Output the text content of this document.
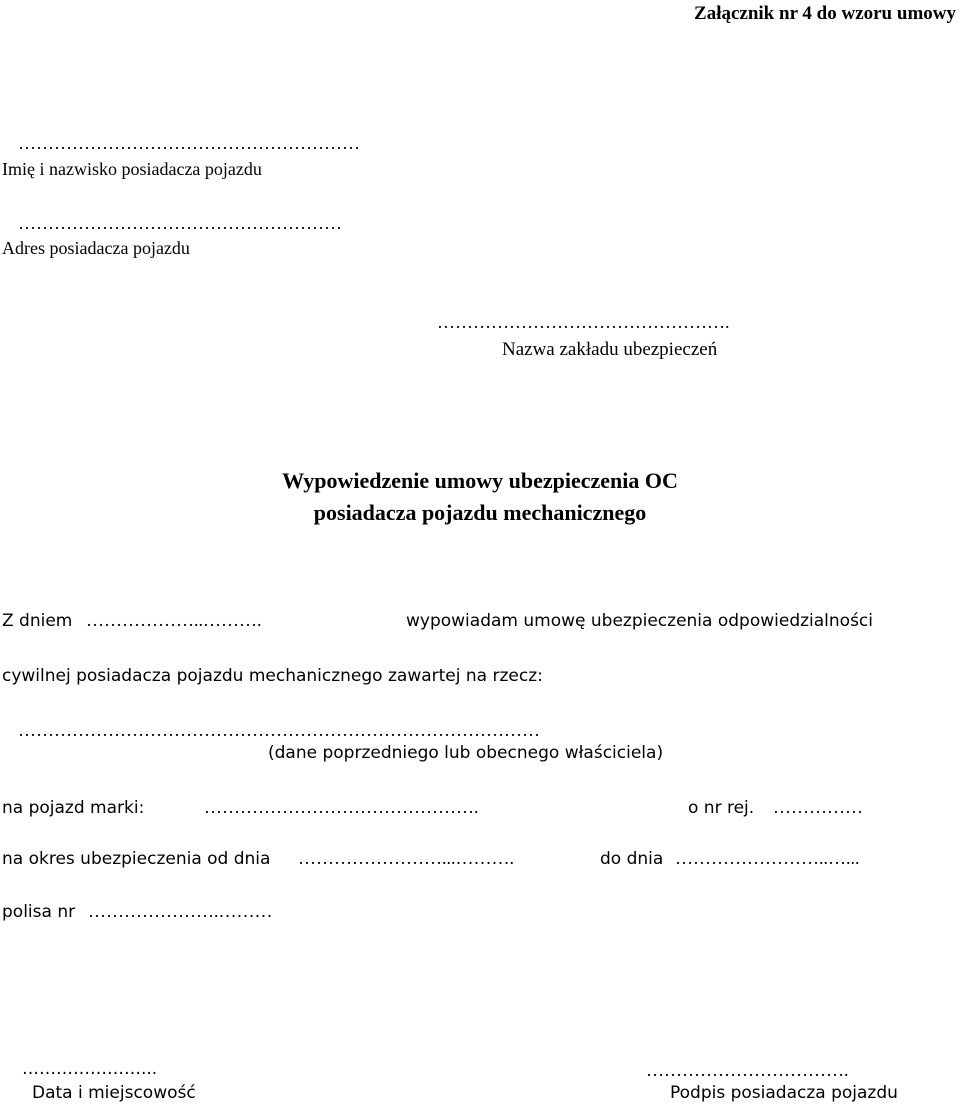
Załącznik nr 4 do wzoru umowy
…………………………………………………
Imię i nazwisko posiadacza pojazdu
………………………………………………
Adres posiadacza pojazdu
………………………………………….
Nazwa zakładu ubezpieczeń
Wypowiedzenie umowy ubezpieczenia OC
posiadacza pojazdu mechanicznego
Z dniem ………………..……….	wypowiadam umowę ubezpieczenia odpowiedzialności
cywilnej posiadacza pojazdu mechanicznego zawartej na rzecz:
……………………………………………………………………………
(dane poprzedniego lub obecnego właściciela)
na pojazd marki:	……………………………………….	o nr rej. ……………
na okres ubezpieczenia od dnia ……………………...……….	do dnia ……………………..…...
polisa nr ………………….………
…………………...
Data i miejscowość
…………………………….
Podpis posiadacza pojazdu
